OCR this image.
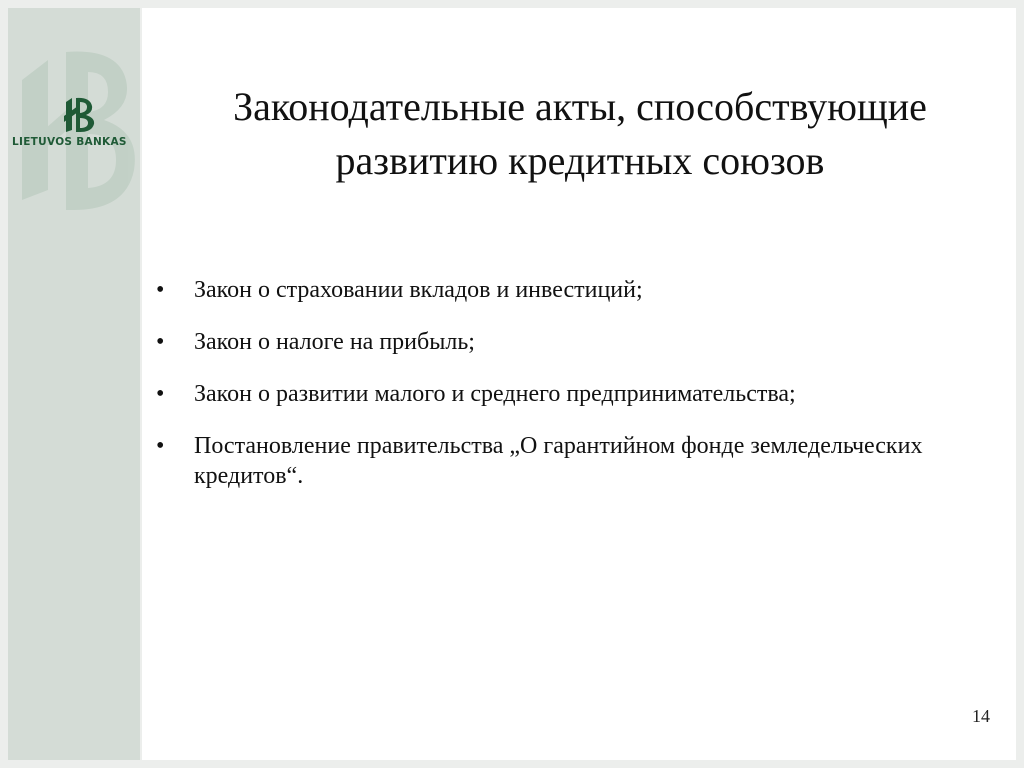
LIETUVOS BANKAS
Законодательные акты, способствующие
развитию кредитных союзов
• Закон о страховании вкладов и инвестиций;
• Закон о налоге на прибыль;
• Закон о развитии малого и среднего предпринимательства;
• Постановление правительства „О гарантийном фонде земледельческих кредитов“.
14
